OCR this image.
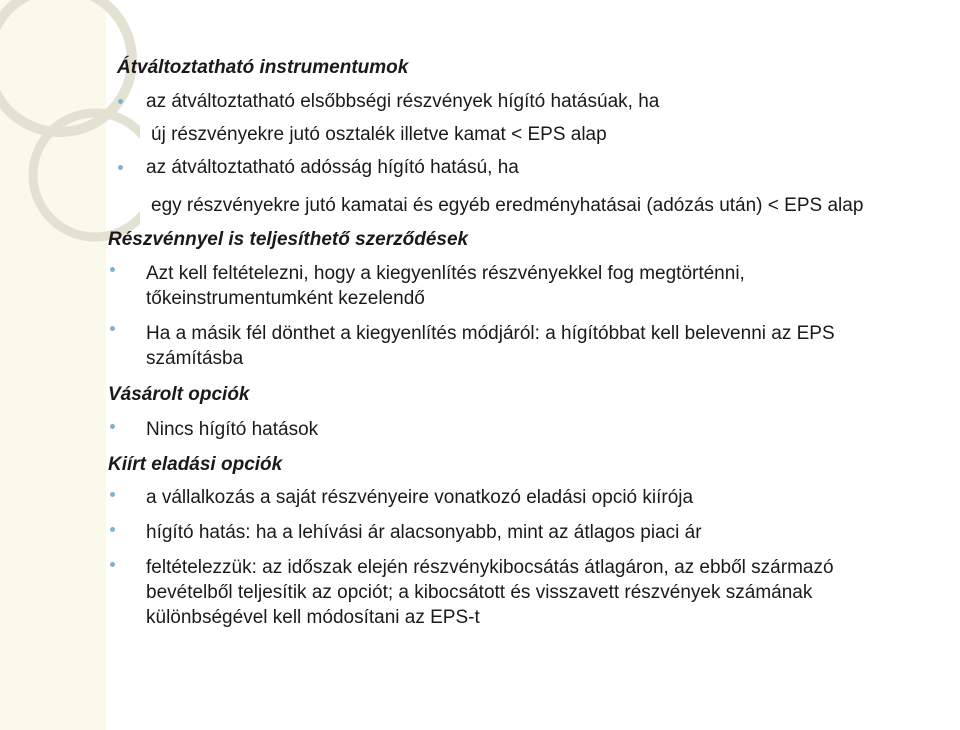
Átváltoztatható instrumentumok
az átváltoztatható elsőbbségi részvények hígító hatásúak, ha
új részvényekre jutó osztalék illetve kamat < EPS alap
az átváltoztatható adósság hígító hatású, ha
egy részvényekre jutó kamatai és egyéb eredményhatásai (adózás után) < EPS alap
Részvénnyel is teljesíthető szerződések
Azt kell feltételezni, hogy a kiegyenlítés részvényekkel fog megtörténni,
tőkeinstrumentumként kezelendő
Ha a másik fél dönthet a kiegyenlítés módjáról: a hígítóbbat kell belevenni az EPS
számításba
Vásárolt opciók
Nincs hígító hatások
Kiírt eladási opciók
a vállalkozás a saját részvényeire vonatkozó eladási opció kiírója
hígító hatás: ha a lehívási ár alacsonyabb, mint az átlagos piaci ár
feltételezzük: az időszak elején részvénykibocsátás átlagáron, az ebből származó
bevételből teljesítik az opciót; a kibocsátott és visszavett részvények számának
különbségével kell módosítani az EPS-t
